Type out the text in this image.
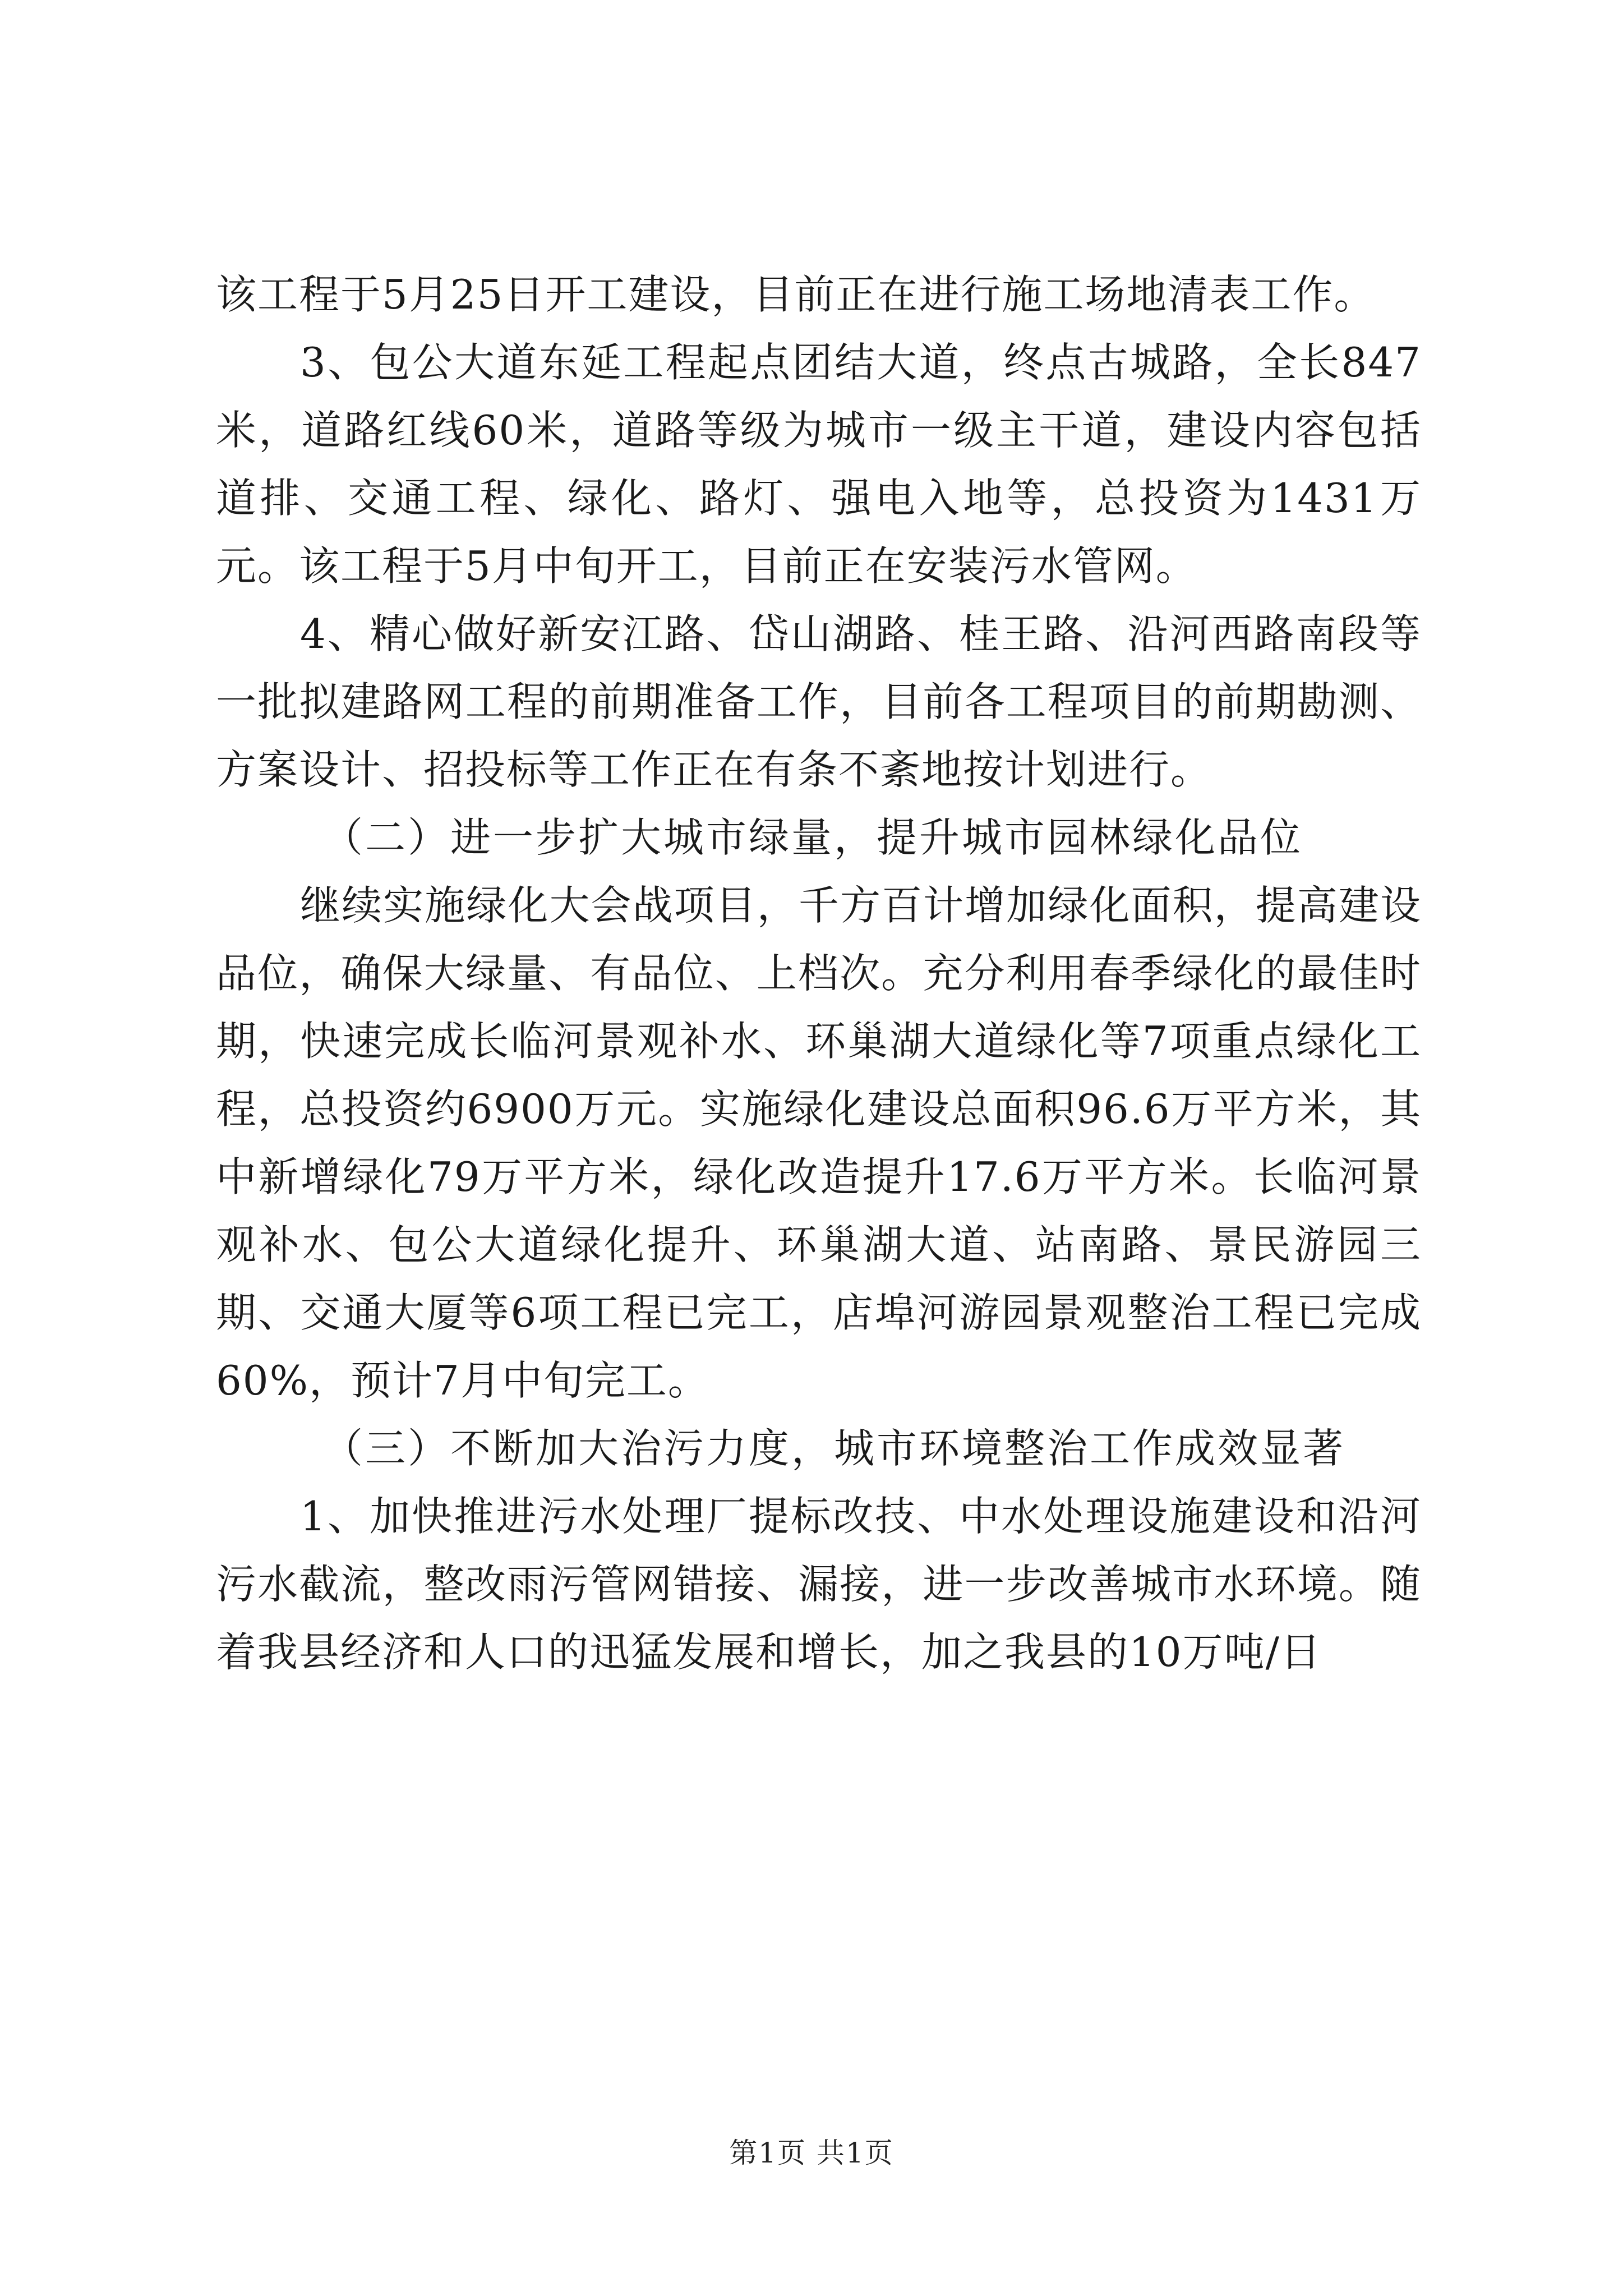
该工程于5月25日开工建设，目前正在进行施工场地清表工作。

3、包公大道东延工程起点团结大道，终点古城路，全长847米，道路红线60米，道路等级为城市一级主干道，建设内容包括道排、交通工程、绿化、路灯、强电入地等，总投资为1431万元。该工程于5月中旬开工，目前正在安装污水管网。

4、精心做好新安江路、岱山湖路、桂王路、沿河西路南段等一批拟建路网工程的前期准备工作，目前各工程项目的前期勘测、方案设计、招投标等工作正在有条不紊地按计划进行。

（二）进一步扩大城市绿量，提升城市园林绿化品位

继续实施绿化大会战项目，千方百计增加绿化面积，提高建设品位，确保大绿量、有品位、上档次。充分利用春季绿化的最佳时期，快速完成长临河景观补水、环巢湖大道绿化等7项重点绿化工程，总投资约6900万元。实施绿化建设总面积96.6万平方米，其中新增绿化79万平方米，绿化改造提升17.6万平方米。长临河景观补水、包公大道绿化提升、环巢湖大道、站南路、景民游园三期、交通大厦等6项工程已完工，店埠河游园景观整治工程已完成60%，预计7月中旬完工。

（三）不断加大治污力度，城市环境整治工作成效显著

1、加快推进污水处理厂提标改技、中水处理设施建设和沿河污水截流，整改雨污管网错接、漏接，进一步改善城市水环境。随着我县经济和人口的迅猛发展和增长，加之我县的10万吨/日

第1页 共1页
